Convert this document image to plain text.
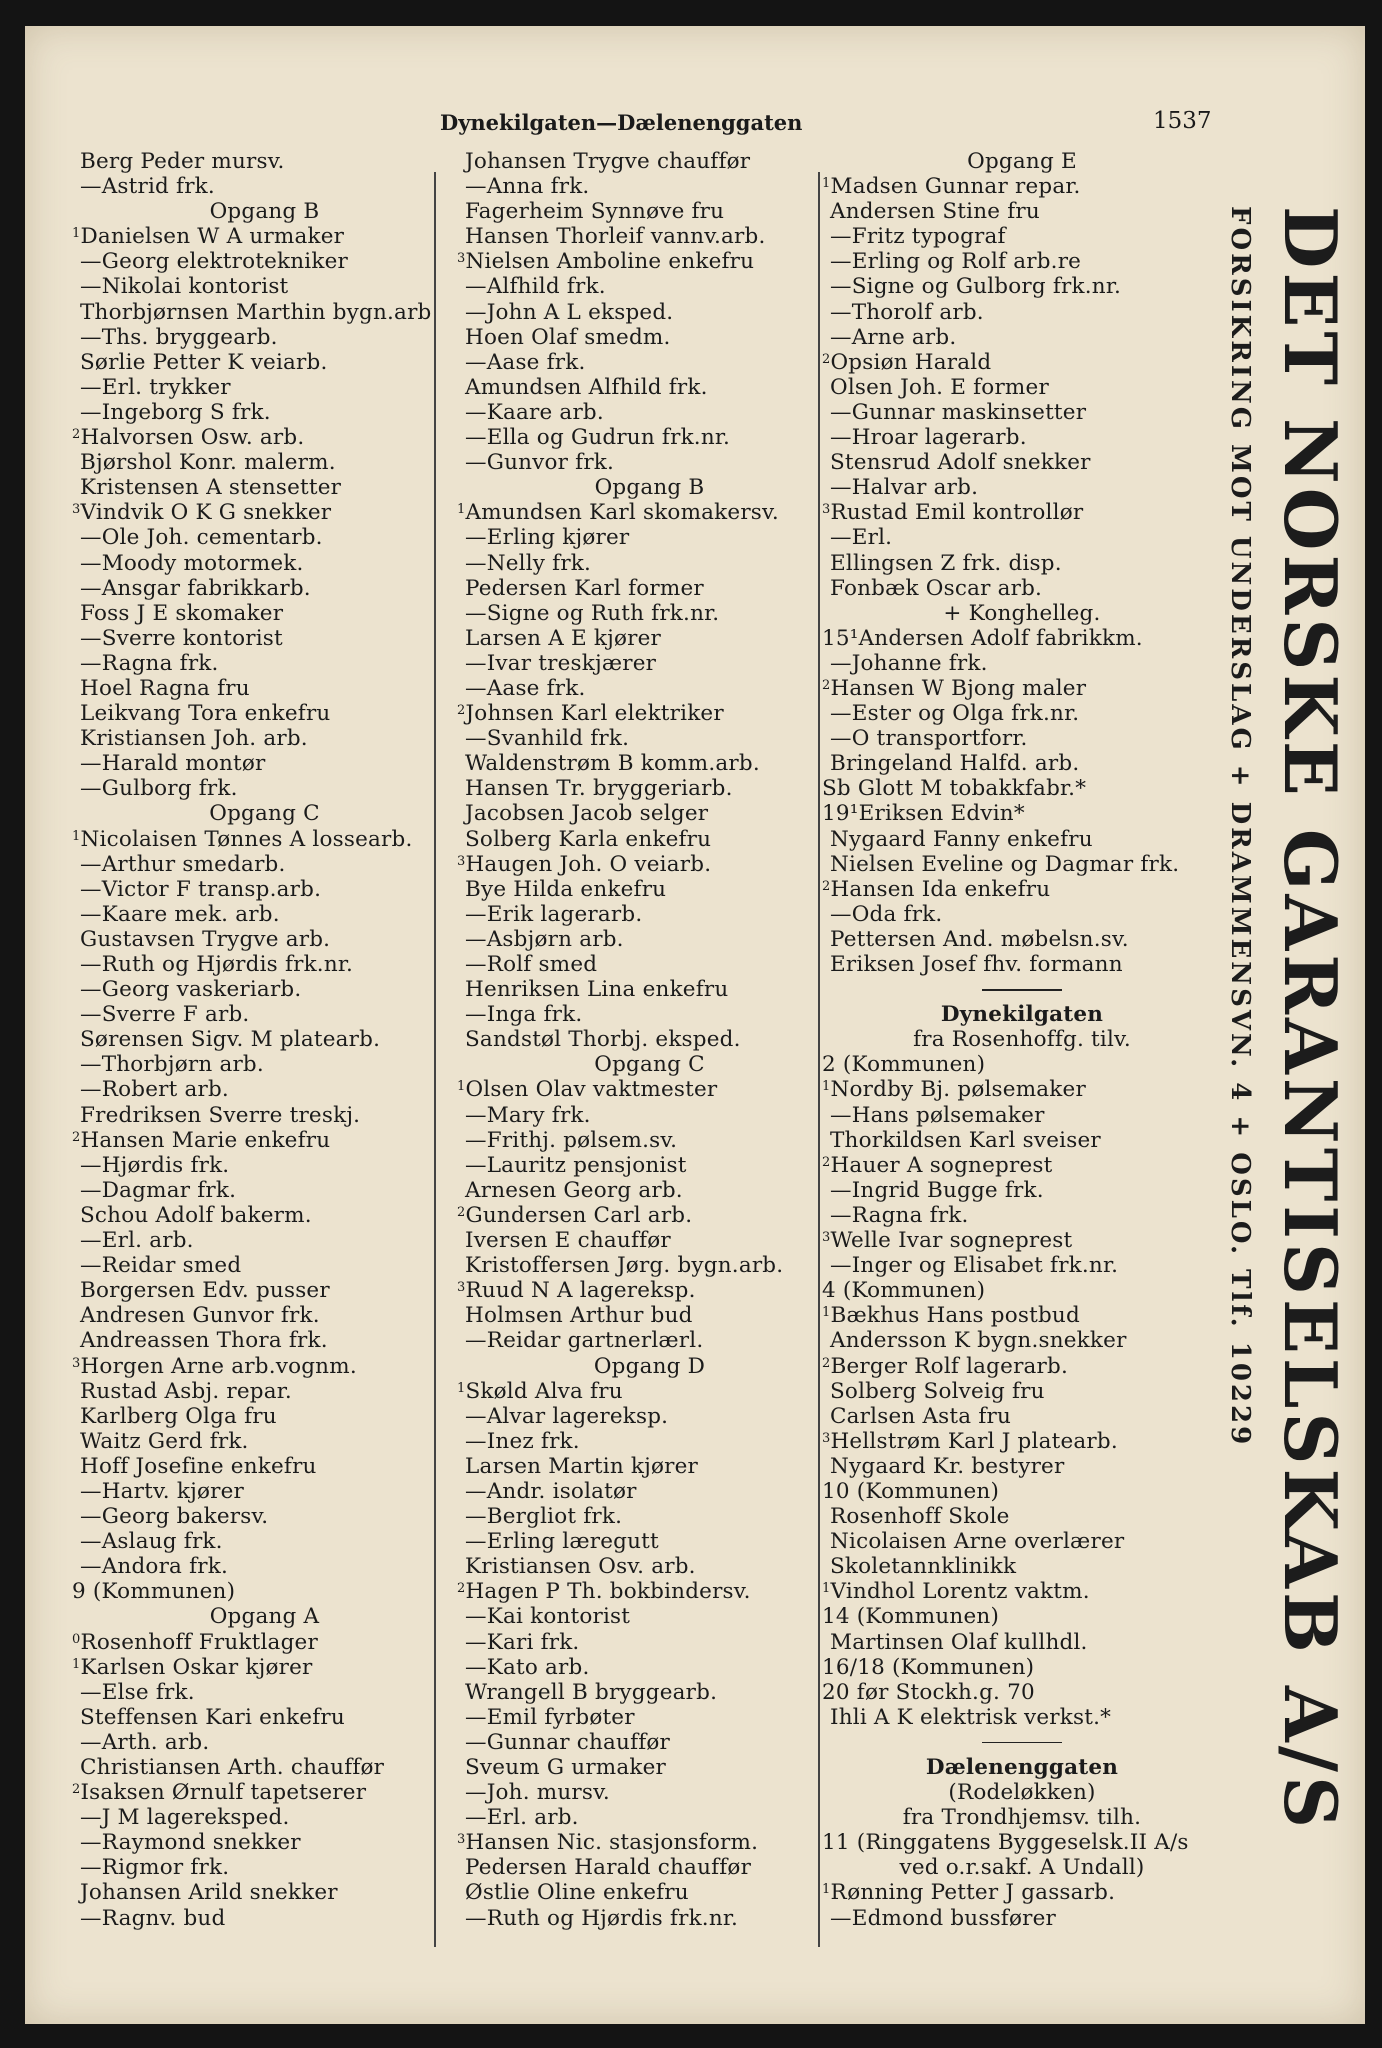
Dynekilgaten—Dælenenggaten	1537
Berg Peder mursv.
—Astrid frk.
Opgang B
$^1$Danielsen W A urmaker
—Georg elektrotekniker
—Nikolai kontorist
Thorbjørnsen Marthin bygn.arb
—Ths. bryggearb.
Sørlie Petter K veiarb.
—Erl. trykker
—Ingeborg S frk.
$^2$Halvorsen Osw. arb.
Bjørshol Konr. malerm.
Kristensen A stensetter
$^3$Vindvik O K G snekker
—Ole Joh. cementarb.
—Moody motormek.
—Ansgar fabrikkarb.
Foss J E skomaker
—Sverre kontorist
—Ragna frk.
Hoel Ragna fru
Leikvang Tora enkefru
Kristiansen Joh. arb.
—Harald montør
—Gulborg frk.
Opgang C
$^1$Nicolaisen Tønnes A lossearb.
—Arthur smedarb.
—Victor F transp.arb.
—Kaare mek. arb.
Gustavsen Trygve arb.
—Ruth og Hjørdis frk.nr.
—Georg vaskeriarb.
—Sverre F arb.
Sørensen Sigv. M platearb.
—Thorbjørn arb.
—Robert arb.
Fredriksen Sverre treskj.
$^2$Hansen Marie enkefru
—Hjørdis frk.
—Dagmar frk.
Schou Adolf bakerm.
—Erl. arb.
—Reidar smed
Borgersen Edv. pusser
Andresen Gunvor frk.
Andreassen Thora frk.
$^3$Horgen Arne arb.vognm.
Rustad Asbj. repar.
Karlberg Olga fru
Waitz Gerd frk.
Hoff Josefine enkefru
—Hartv. kjører
—Georg bakersv.
—Aslaug frk.
—Andora frk.
9 (Kommunen)
Opgang A
$^0$Rosenhoff Fruktlager
$^1$Karlsen Oskar kjører
—Else frk.
Steffensen Kari enkefru
—Arth. arb.
Christiansen Arth. chauffør
$^2$Isaksen Ørnulf tapetserer
—J M lagereksped.
—Raymond snekker
—Rigmor frk.
Johansen Arild snekker
—Ragnv. bud
Johansen Trygve chauffør
—Anna frk.
Fagerheim Synnøve fru
Hansen Thorleif vannv.arb.
$^3$Nielsen Amboline enkefru
—Alfhild frk.
—John A L eksped.
Hoen Olaf smedm.
—Aase frk.
Amundsen Alfhild frk.
—Kaare arb.
—Ella og Gudrun frk.nr.
—Gunvor frk.
Opgang B
$^1$Amundsen Karl skomakersv.
—Erling kjører
—Nelly frk.
Pedersen Karl former
—Signe og Ruth frk.nr.
Larsen A E kjører
—Ivar treskjærer
—Aase frk.
$^2$Johnsen Karl elektriker
—Svanhild frk.
Waldenstrøm B komm.arb.
Hansen Tr. bryggeriarb.
Jacobsen Jacob selger
Solberg Karla enkefru
$^3$Haugen Joh. O veiarb.
Bye Hilda enkefru
—Erik lagerarb.
—Asbjørn arb.
—Rolf smed
Henriksen Lina enkefru
—Inga frk.
Sandstøl Thorbj. eksped.
Opgang C
$^1$Olsen Olav vaktmester
—Mary frk.
—Frithj. pølsem.sv.
—Lauritz pensjonist
Arnesen Georg arb.
$^2$Gundersen Carl arb.
Iversen E chauffør
Kristoffersen Jørg. bygn.arb.
$^3$Ruud N A lagereksp.
Holmsen Arthur bud
—Reidar gartnerlærl.
Opgang D
$^1$Skøld Alva fru
—Alvar lagereksp.
—Inez frk.
Larsen Martin kjører
—Andr. isolatør
—Bergliot frk.
—Erling læregutt
Kristiansen Osv. arb.
$^2$Hagen P Th. bokbindersv.
—Kai kontorist
—Kari frk.
—Kato arb.
Wrangell B bryggearb.
—Emil fyrbøter
—Gunnar chauffør
Sveum G urmaker
—Joh. mursv.
—Erl. arb.
$^3$Hansen Nic. stasjonsform.
Pedersen Harald chauffør
Østlie Oline enkefru
—Ruth og Hjørdis frk.nr.
Opgang E
$^1$Madsen Gunnar repar.
Andersen Stine fru
—Fritz typograf
—Erling og Rolf arb.re
—Signe og Gulborg frk.nr.
—Thorolf arb.
—Arne arb.
$^2$Opsiøn Harald
Olsen Joh. E former
—Gunnar maskinsetter
—Hroar lagerarb.
Stensrud Adolf snekker
—Halvar arb.
$^3$Rustad Emil kontrollør
—Erl.
Ellingsen Z frk. disp.
Fonbæk Oscar arb.
+ Konghelleg.
15¹Andersen Adolf fabrikkm.
—Johanne frk.
$^2$Hansen W Bjong maler
—Ester og Olga frk.nr.
—O transportforr.
Bringeland Halfd. arb.
Sb Glott M tobakkfabr.*
19¹Eriksen Edvin*
Nygaard Fanny enkefru
Nielsen Eveline og Dagmar frk.
$^2$Hansen Ida enkefru
—Oda frk.
Pettersen And. møbelsn.sv.
Eriksen Josef fhv. formann
Dynekilgaten
fra Rosenhoffg. tilv.
2 (Kommunen)
$^1$Nordby Bj. pølsemaker
—Hans pølsemaker
Thorkildsen Karl sveiser
$^2$Hauer A sogneprest
—Ingrid Bugge frk.
—Ragna frk.
$^3$Welle Ivar sogneprest
—Inger og Elisabet frk.nr.
4 (Kommunen)
$^1$Bækhus Hans postbud
Andersson K bygn.snekker
$^2$Berger Rolf lagerarb.
Solberg Solveig fru
Carlsen Asta fru
$^3$Hellstrøm Karl J platearb.
Nygaard Kr. bestyrer
10 (Kommunen)
Rosenhoff Skole
Nicolaisen Arne overlærer
Skoletannklinikk
$^1$Vindhol Lorentz vaktm.
14 (Kommunen)
Martinsen Olaf kullhdl.
16/18 (Kommunen)
20 før Stockh.g. 70
Ihli A K elektrisk verkst.*
Dælenenggaten
(Rodeløkken)
fra Trondhjemsv. tilh.
11 (Ringgatens Byggeselsk.II A/s
ved o.r.sakf. A Undall)
$^1$Rønning Petter J gassarb.
—Edmond bussfører
DET NORSKE GARANTISELSKAB A/S
FORSIKRING MOT UNDERSLAG + DRAMMENSVN. 4 + OSLO. Tlf. 10229
